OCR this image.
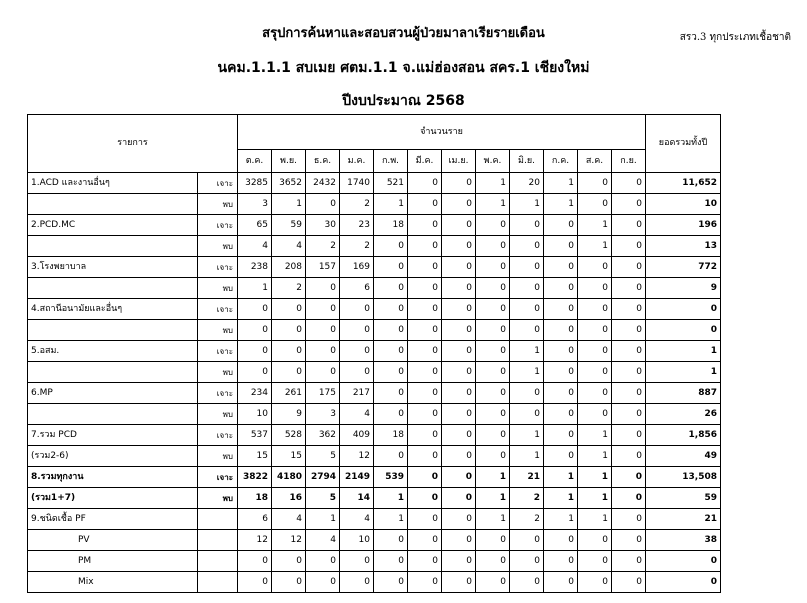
สรุปการค้นหาและสอบสวนผู้ป่วยมาลาเรียรายเดือน	สรว.3 ทุกประเภทเชื้อชาติ
นคม.1.1.1 สบเมย ศตม.1.1 จ.แม่ฮ่องสอน สคร.1 เชียงใหม่
ปีงบประมาณ 2568
รายการ		จำนวนราย												ยอดรวมทั้งปี
		ต.ค.	พ.ย.	ธ.ค.	ม.ค.	ก.พ.	มี.ค.	เม.ย.	พ.ค.	มิ.ย.	ก.ค.	ส.ค.	ก.ย.	
1.ACD และงานอื่นๆ	เจาะ	3285	3652	2432	1740	521	0	0	1	20	1	0	0	11,652
	พบ	3	1	0	2	1	0	0	1	1	1	0	0	10
2.PCD.MC	เจาะ	65	59	30	23	18	0	0	0	0	0	1	0	196
	พบ	4	4	2	2	0	0	0	0	0	0	1	0	13
3.โรงพยาบาล	เจาะ	238	208	157	169	0	0	0	0	0	0	0	0	772
	พบ	1	2	0	6	0	0	0	0	0	0	0	0	9
4.สถานีอนามัยและอื่นๆ	เจาะ	0	0	0	0	0	0	0	0	0	0	0	0	0
	พบ	0	0	0	0	0	0	0	0	0	0	0	0	0
5.อสม.	เจาะ	0	0	0	0	0	0	0	0	1	0	0	0	1
	พบ	0	0	0	0	0	0	0	0	1	0	0	0	1
6.MP	เจาะ	234	261	175	217	0	0	0	0	0	0	0	0	887
	พบ	10	9	3	4	0	0	0	0	0	0	0	0	26
7.รวม PCD	เจาะ	537	528	362	409	18	0	0	0	1	0	1	0	1,856
(รวม2-6)	พบ	15	15	5	12	0	0	0	0	1	0	1	0	49
8.รวมทุกงาน	เจาะ	3822	4180	2794	2149	539	0	0	1	21	1	1	0	13,508
(รวม1+7)	พบ	18	16	5	14	1	0	0	1	2	1	1	0	59
9.ชนิดเชื้อ PF		6	4	1	4	1	0	0	1	2	1	1	0	21
PV		12	12	4	10	0	0	0	0	0	0	0	0	38
PM		0	0	0	0	0	0	0	0	0	0	0	0	0
Mix		0	0	0	0	0	0	0	0	0	0	0	0	0
